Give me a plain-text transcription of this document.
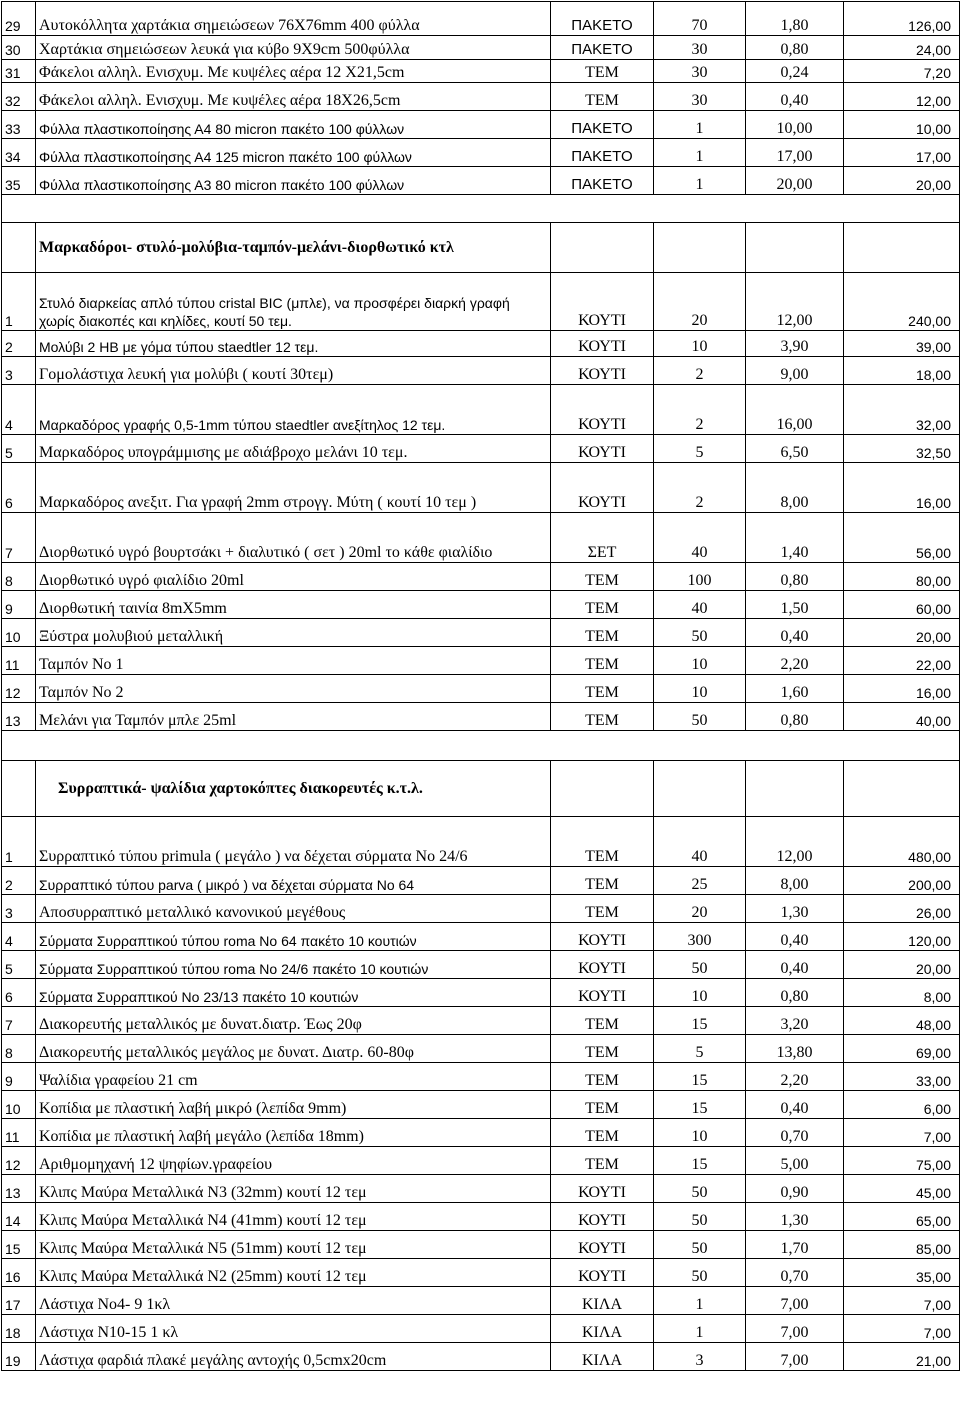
29	Αυτοκόλλητα χαρτάκια σημειώσεων 76Χ76mm 400 φύλλα	ΠΑΚΕΤΟ	70	1,80	126,00
30	Χαρτάκια σημειώσεων λευκά για κύβο 9Χ9cm 500φύλλα	ΠΑΚΕΤΟ	30	0,80	24,00
31	Φάκελοι αλληλ. Ενισχυμ. Με κυψέλες αέρα 12 Χ21,5cm	ΤΕΜ	30	0,24	7,20
32	Φάκελοι αλληλ. Ενισχυμ. Με κυψέλες αέρα 18Χ26,5cm	ΤΕΜ	30	0,40	12,00
33	Φύλλα πλαστικοποίησης Α4 80 micron πακέτο 100 φύλλων	ΠΑΚΕΤΟ	1	10,00	10,00
34	Φύλλα πλαστικοποίησης Α4 125 micron πακέτο 100 φύλλων	ΠΑΚΕΤΟ	1	17,00	17,00
35	Φύλλα πλαστικοποίησης Α3 80 micron πακέτο 100 φύλλων	ΠΑΚΕΤΟ	1	20,00	20,00

	Μαρκαδόροι- στυλό-μολύβια-ταμπόν-μελάνι-διορθωτικό κτλ				
1	Στυλό διαρκείας απλό τύπου cristal BIC (μπλε), να προσφέρει διαρκή γραφή χωρίς διακοπές και κηλίδες, κουτί 50 τεμ.	ΚΟΥΤΙ	20	12,00	240,00
2	Μολύβι 2 ΗΒ με γόμα τύπου staedtler 12 τεμ.	ΚΟΥΤΙ	10	3,90	39,00
3	Γομολάστιχα λευκή για μολύβι ( κουτί 30τεμ)	ΚΟΥΤΙ	2	9,00	18,00
4	Μαρκαδόρος γραφής 0,5-1mm τύπου staedtler ανεξίτηλος 12 τεμ.	ΚΟΥΤΙ	2	16,00	32,00
5	Μαρκαδόρος υπογράμμισης με αδιάβροχο μελάνι 10 τεμ.	ΚΟΥΤΙ	5	6,50	32,50
6	Μαρκαδόρος ανεξιτ. Για γραφή 2mm στρογγ. Μύτη ( κουτί 10 τεμ )	ΚΟΥΤΙ	2	8,00	16,00
7	Διορθωτικό υγρό βουρτσάκι + διαλυτικό ( σετ ) 20ml το κάθε φιαλίδιο	ΣΕΤ	40	1,40	56,00
8	Διορθωτικό υγρό φιαλίδιο 20ml	ΤΕΜ	100	0,80	80,00
9	Διορθωτική ταινία 8mΧ5mm	ΤΕΜ	40	1,50	60,00
10	Ξύστρα μολυβιού μεταλλική	ΤΕΜ	50	0,40	20,00
11	Ταμπόν Νο 1	ΤΕΜ	10	2,20	22,00
12	Ταμπόν Νο 2	ΤΕΜ	10	1,60	16,00
13	Μελάνι για Ταμπόν μπλε 25ml	ΤΕΜ	50	0,80	40,00

	Συρραπτικά- ψαλίδια χαρτοκόπτες διακορευτές κ.τ.λ.				
1	Συρραπτικό τύπου primula ( μεγάλο ) να δέχεται σύρματα Νο 24/6	ΤΕΜ	40	12,00	480,00
2	Συρραπτικό τύπου parva ( μικρό ) να δέχεται σύρματα Νο 64	ΤΕΜ	25	8,00	200,00
3	Αποσυρραπτικό μεταλλικό κανονικού μεγέθους	ΤΕΜ	20	1,30	26,00
4	Σύρματα Συρραπτικού τύπου roma Νο 64 πακέτο 10 κουτιών	ΚΟΥΤΙ	300	0,40	120,00
5	Σύρματα Συρραπτικού τύπου roma Νο 24/6 πακέτο 10 κουτιών	ΚΟΥΤΙ	50	0,40	20,00
6	Σύρματα Συρραπτικού Νο 23/13 πακέτο 10 κουτιών	ΚΟΥΤΙ	10	0,80	8,00
7	Διακορευτής μεταλλικός με δυνατ.διατρ. Έως 20φ	ΤΕΜ	15	3,20	48,00
8	Διακορευτής μεταλλικός μεγάλος με δυνατ. Διατρ. 60-80φ	ΤΕΜ	5	13,80	69,00
9	Ψαλίδια γραφείου 21 cm	ΤΕΜ	15	2,20	33,00
10	Κοπίδια με πλαστική λαβή μικρό (λεπίδα 9mm)	ΤΕΜ	15	0,40	6,00
11	Κοπίδια με πλαστική λαβή μεγάλο (λεπίδα 18mm)	ΤΕΜ	10	0,70	7,00
12	Αριθμομηχανή 12 ψηφίων.γραφείου	ΤΕΜ	15	5,00	75,00
13	Κλιπς Μαύρα Μεταλλικά Ν3 (32mm) κουτί 12 τεμ	ΚΟΥΤΙ	50	0,90	45,00
14	Κλιπς Μαύρα Μεταλλικά Ν4 (41mm) κουτί 12 τεμ	ΚΟΥΤΙ	50	1,30	65,00
15	Κλιπς Μαύρα Μεταλλικά Ν5 (51mm) κουτί 12 τεμ	ΚΟΥΤΙ	50	1,70	85,00
16	Κλιπς Μαύρα Μεταλλικά Ν2 (25mm) κουτί 12 τεμ	ΚΟΥΤΙ	50	0,70	35,00
17	Λάστιχα Νο4- 9 1κλ	ΚΙΛΑ	1	7,00	7,00
18	Λάστιχα Ν10-15 1 κλ	ΚΙΛΑ	1	7,00	7,00
19	Λάστιχα φαρδιά πλακέ μεγάλης αντοχής 0,5cmx20cm	ΚΙΛΑ	3	7,00	21,00
